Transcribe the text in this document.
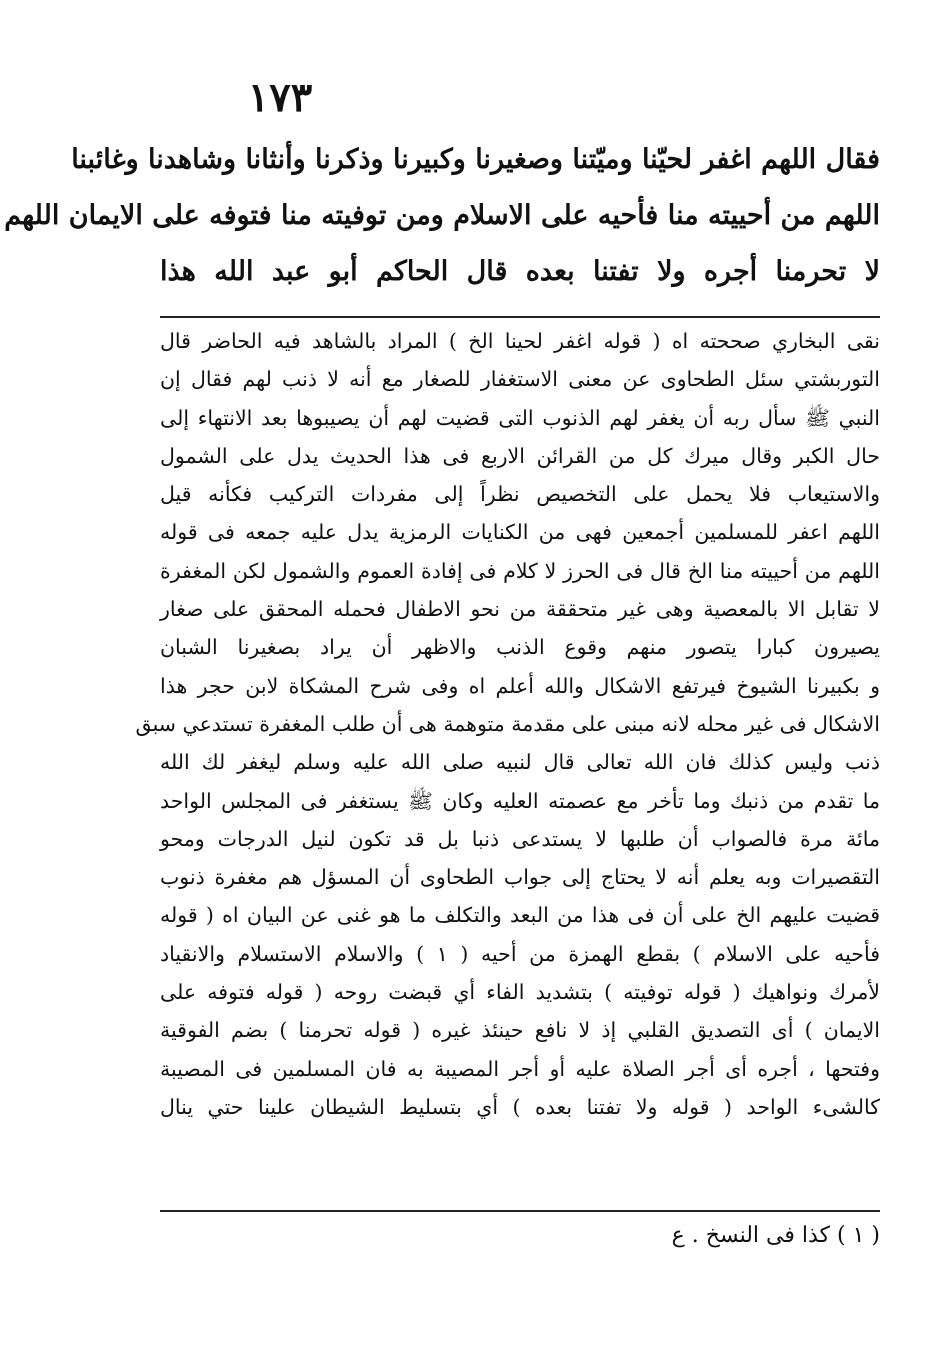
١٧٣
فقال اللهم اغفر لحيّنا وميّتنا وصغيرنا وكبيرنا وذكرنا وأنثانا وشاهدنا وغائبنا
اللهم من أحييته منا فأحيه على الاسلام ومن توفيته منا فتوفه على الايمان اللهم
لا تحرمنا أجره ولا تفتنا بعده قال الحاكم أبو عبد الله هذا
نقى البخاري صححته اه ( قوله اغفر لحينا الخ ) المراد بالشاهد فيه الحاضر قال
التوربشتي سئل الطحاوى عن معنى الاستغفار للصغار مع أنه لا ذنب لهم فقال إن
النبي ﷺ سأل ربه أن يغفر لهم الذنوب التى قضيت لهم أن يصيبوها بعد الانتهاء إلى
حال الكبر وقال ميرك كل من القرائن الاربع فى هذا الحديث يدل على الشمول
والاستيعاب فلا يحمل على التخصيص نظراً إلى مفردات التركيب فكأنه قيل
اللهم اعفر للمسلمين أجمعين فهى من الكنايات الرمزية يدل عليه جمعه فى قوله
اللهم من أحييته منا الخ قال فى الحرز لا كلام فى إفادة العموم والشمول لكن المغفرة
لا تقابل الا بالمعصية وهى غير متحققة من نحو الاطفال فحمله المحقق على صغار
يصيرون كبارا يتصور منهم وقوع الذنب والاظهر أن يراد بصغيرنا الشبان
و بكبيرنا الشيوخ فيرتفع الاشكال والله أعلم اه وفى شرح المشكاة لابن حجر هذا
الاشكال فى غير محله لانه مبنى على مقدمة متوهمة هى أن طلب المغفرة تستدعي سبق
ذنب وليس كذلك فان الله تعالى قال لنبيه صلى الله عليه وسلم ليغفر لك الله
ما تقدم من ذنبك وما تأخر مع عصمته العليه وكان ﷺ يستغفر فى المجلس الواحد
مائة مرة فالصواب أن طلبها لا يستدعى ذنبا بل قد تكون لنيل الدرجات ومحو
التقصيرات وبه يعلم أنه لا يحتاج إلى جواب الطحاوى أن المسؤل هم مغفرة ذنوب
قضيت عليهم الخ على أن فى هذا من البعد والتكلف ما هو غنى عن البيان اه ( قوله
فأحيه على الاسلام ) بقطع الهمزة من أحيه ( ١ ) والاسلام الاستسلام والانقياد
لأمرك ونواهيك ( قوله توفيته ) بتشديد الفاء أي قبضت روحه ( قوله فتوفه على
الايمان ) أى التصديق القلبي إذ لا نافع حينئذ غيره ( قوله تحرمنا ) بضم الفوقية
وفتحها ، أجره أى أجر الصلاة عليه أو أجر المصيبة به فان المسلمين فى المصيبة
كالشىء الواحد ( قوله ولا تفتنا بعده ) أي بتسليط الشيطان علينا حتي ينال
( ١ ) كذا فى النسخ . ع
